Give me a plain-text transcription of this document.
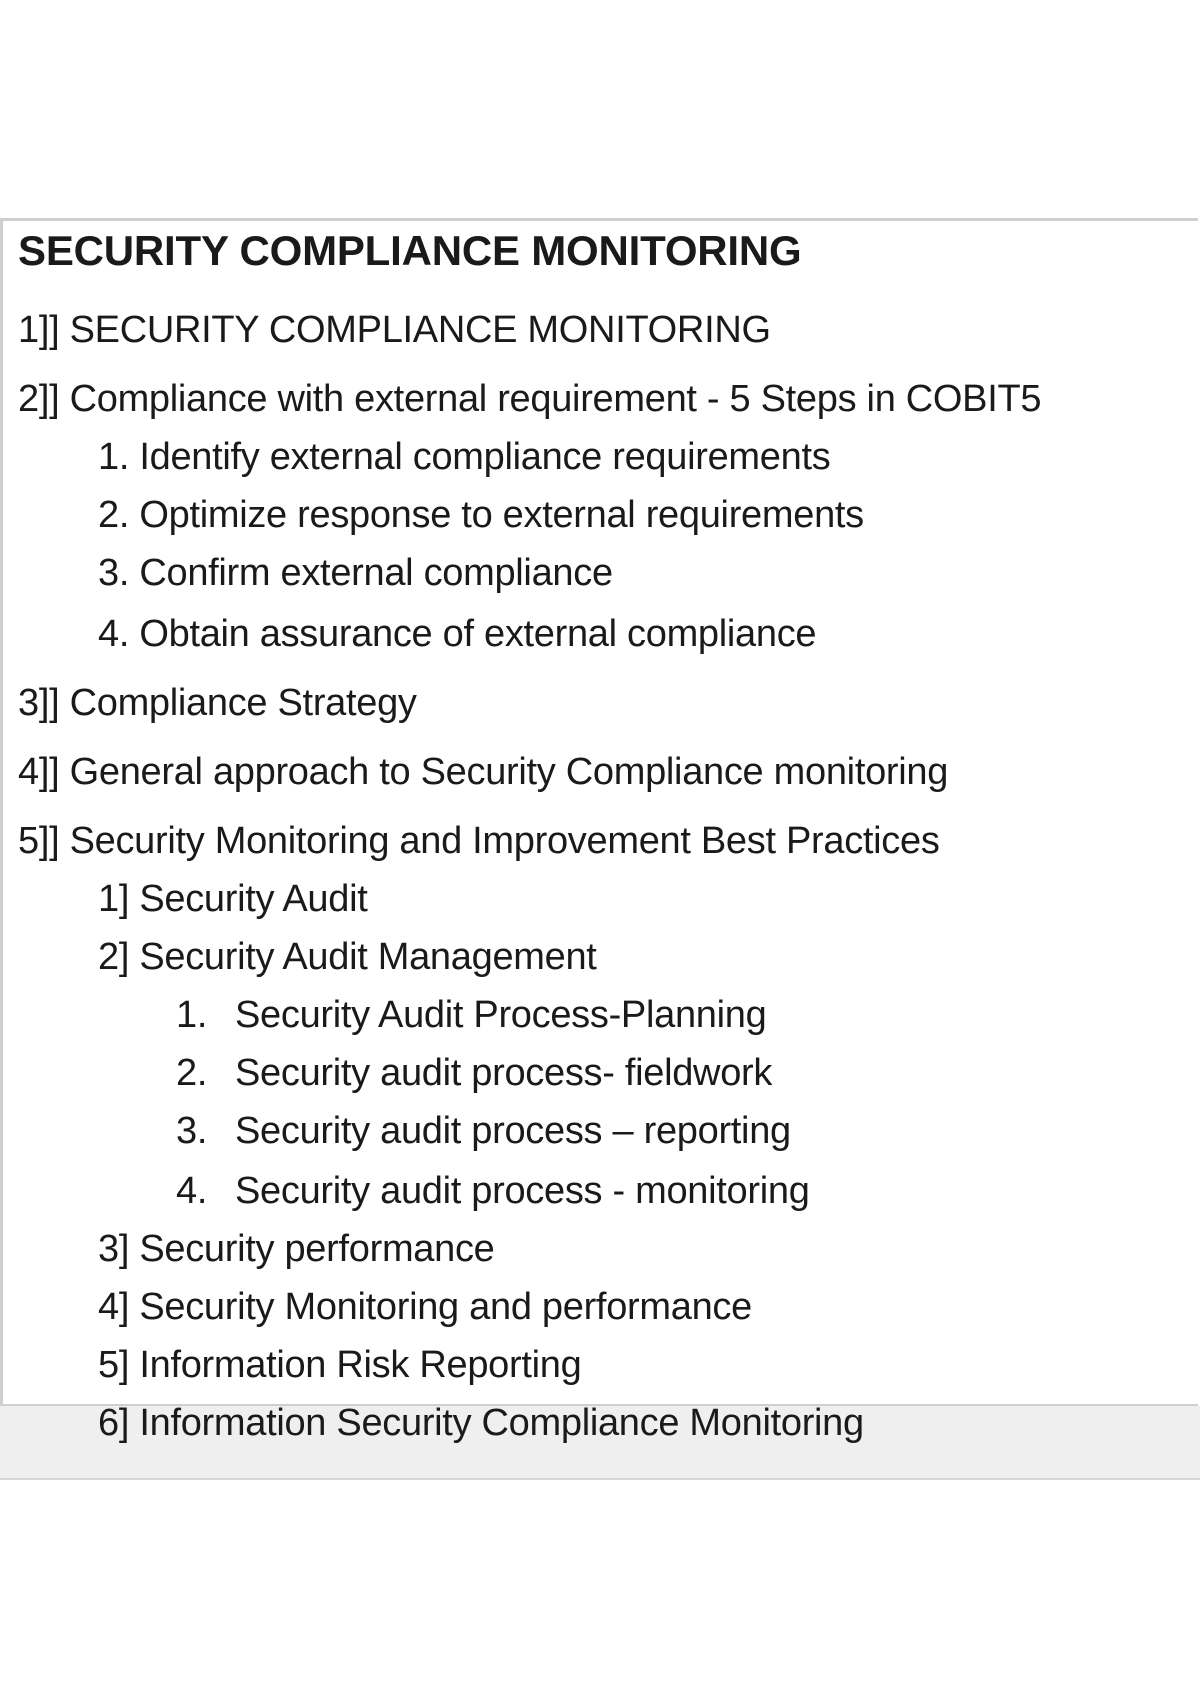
SECURITY COMPLIANCE MONITORING
1]] SECURITY COMPLIANCE MONITORING
2]] Compliance with external requirement - 5 Steps in COBIT5
1. Identify external compliance requirements
2. Optimize response to external requirements
3. Confirm external compliance
4. Obtain assurance of external compliance
3]] Compliance Strategy
4]] General approach to Security Compliance monitoring
5]] Security Monitoring and Improvement Best Practices
1] Security Audit
2] Security Audit Management
1. Security Audit Process-Planning
2. Security audit process- fieldwork
3. Security audit process – reporting
4. Security audit process - monitoring
3] Security performance
4] Security Monitoring and performance
5] Information Risk Reporting
6] Information Security Compliance Monitoring
